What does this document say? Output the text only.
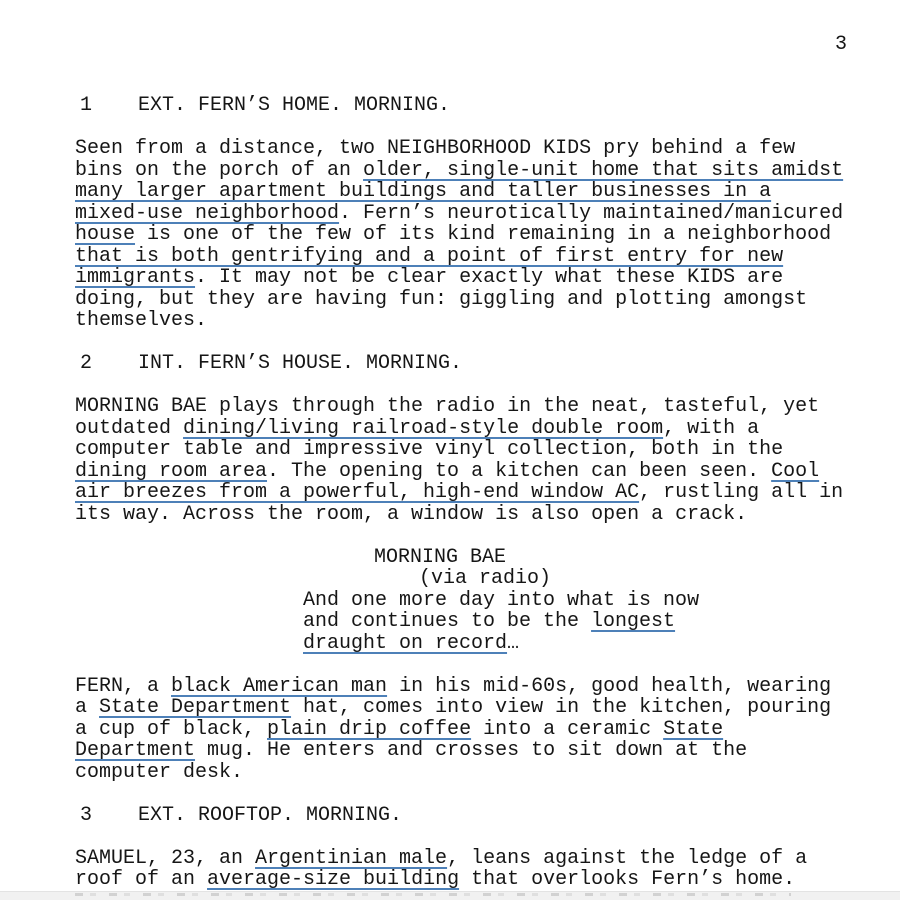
3
1	EXT. FERN’S HOME. MORNING.
Seen from a distance, two NEIGHBORHOOD KIDS pry behind a few
bins on the porch of an older, single-unit home that sits amidst
many larger apartment buildings and taller businesses in a
mixed-use neighborhood. Fern’s neurotically maintained/manicured
house is one of the few of its kind remaining in a neighborhood
that is both gentrifying and a point of first entry for new
immigrants. It may not be clear exactly what these KIDS are
doing, but they are having fun: giggling and plotting amongst
themselves.
2	INT. FERN’S HOUSE. MORNING.
MORNING BAE plays through the radio in the neat, tasteful, yet
outdated dining/living railroad-style double room, with a
computer table and impressive vinyl collection, both in the
dining room area. The opening to a kitchen can been seen. Cool
air breezes from a powerful, high-end window AC, rustling all in
its way. Across the room, a window is also open a crack.
MORNING BAE
(via radio)
And one more day into what is now
and continues to be the longest
draught on record…
FERN, a black American man in his mid-60s, good health, wearing
a State Department hat, comes into view in the kitchen, pouring
a cup of black, plain drip coffee into a ceramic State
Department mug. He enters and crosses to sit down at the
computer desk.
3	EXT. ROOFTOP. MORNING.
SAMUEL, 23, an Argentinian male, leans against the ledge of a
roof of an average-size building that overlooks Fern’s home.
